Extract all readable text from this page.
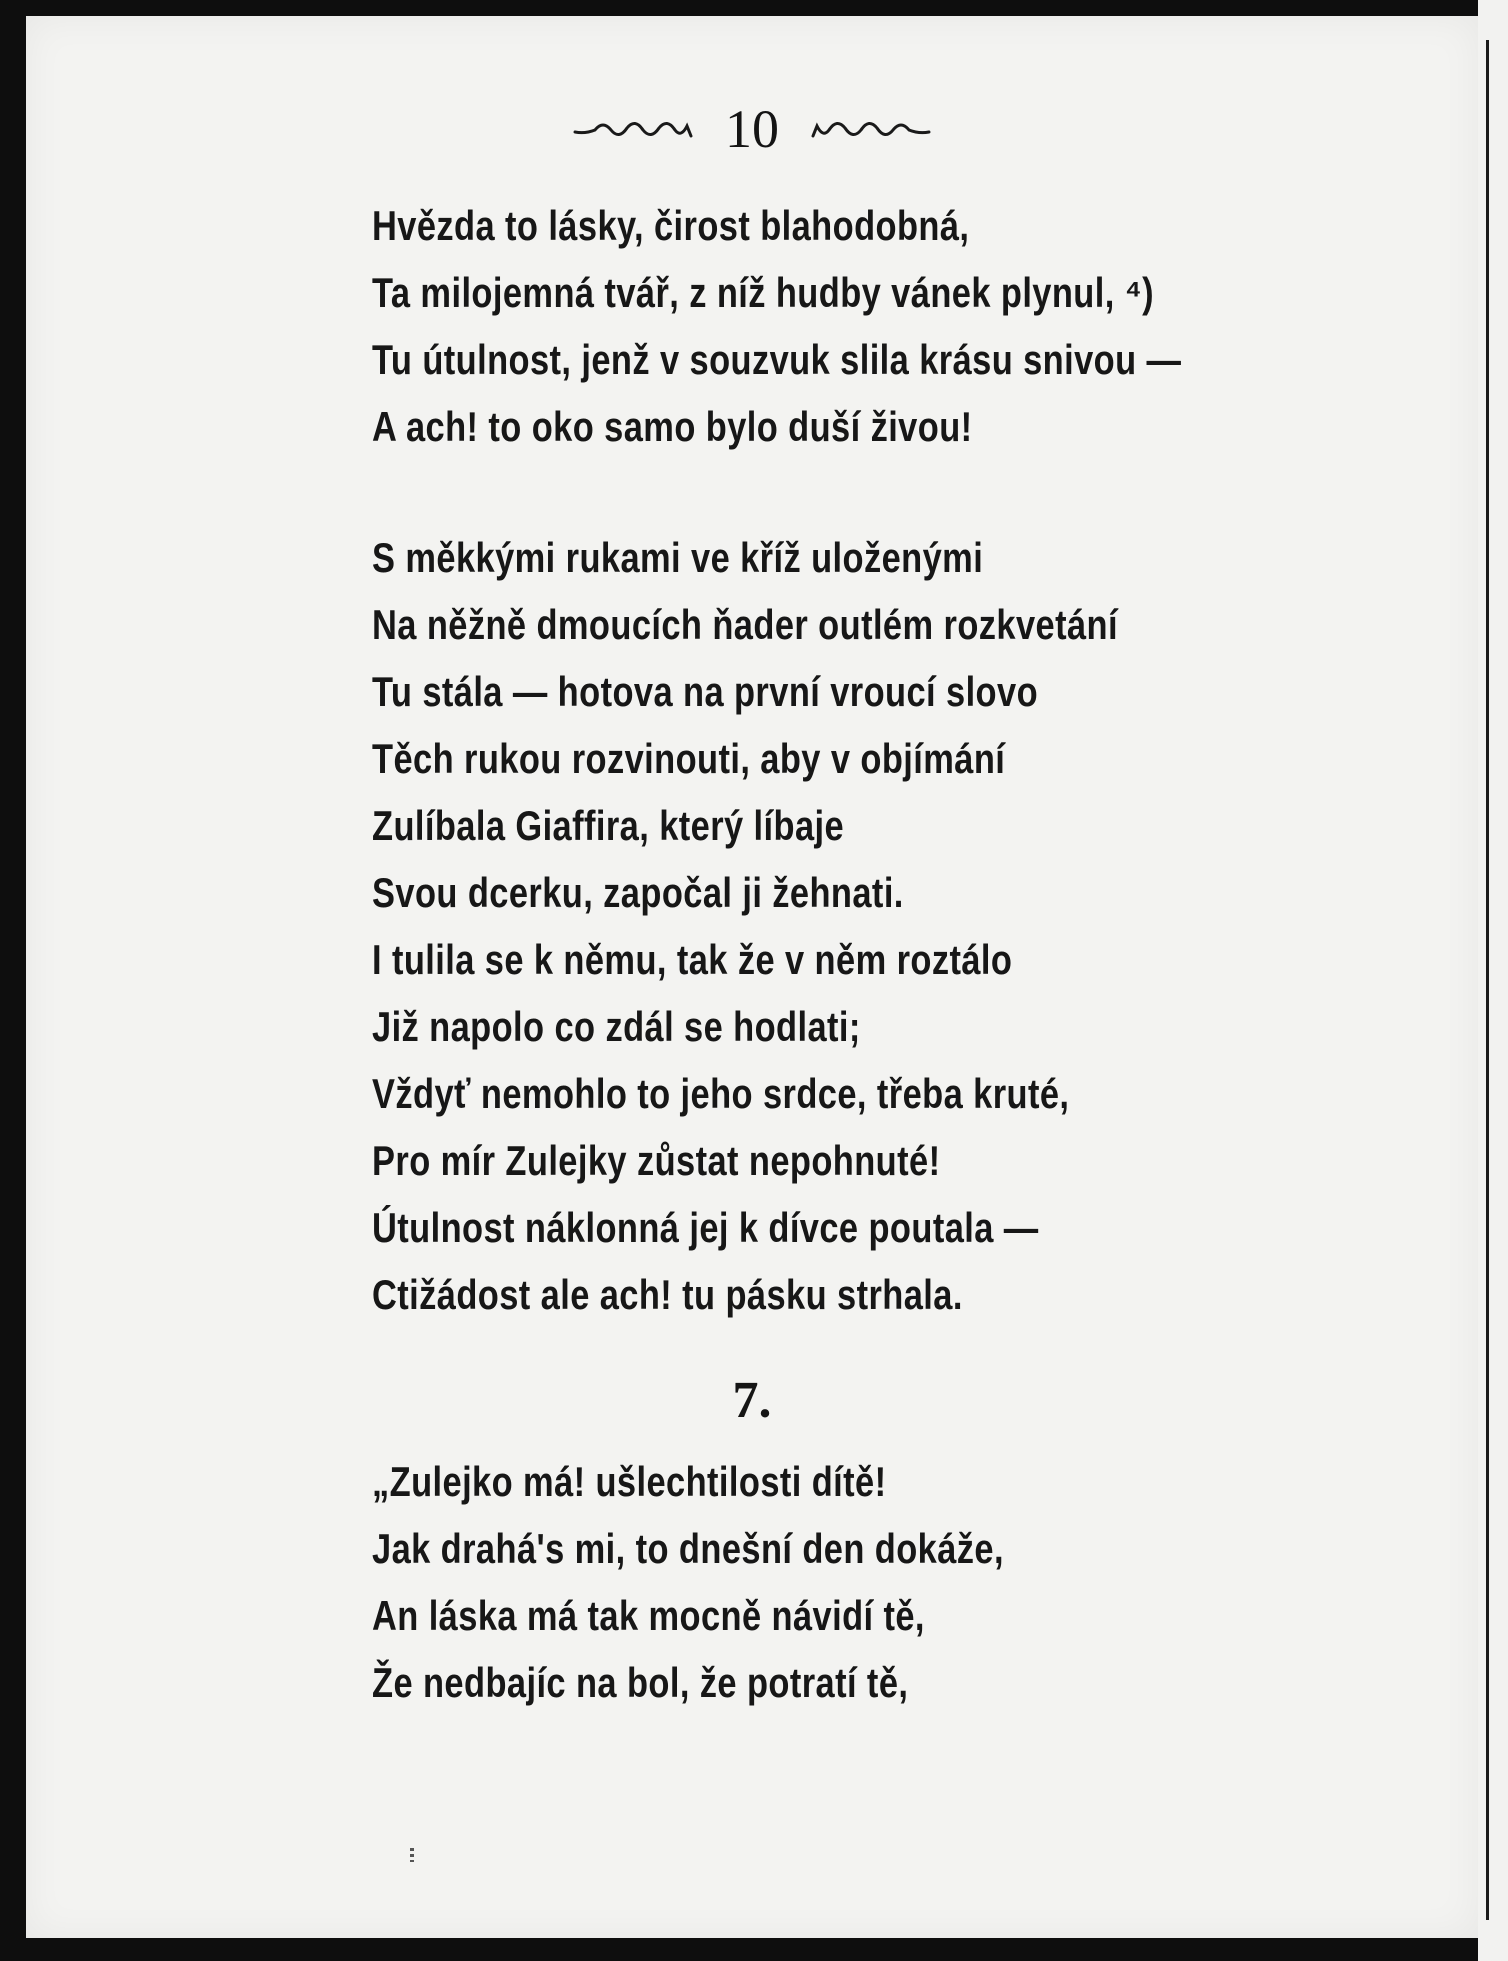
10
Hvězda to lásky, čirost blahodobná,
Ta milojemná tvář, z níž hudby vánek plynul, ⁴)
Tu útulnost, jenž v souzvuk slila krásu snivou —
A ach! to oko samo bylo duší živou!
S měkkými rukami ve kříž uloženými
Na něžně dmoucích ňader outlém rozkvetání
Tu stála — hotova na první vroucí slovo
Těch rukou rozvinouti, aby v objímání
Zulíbala Giaffira, který líbaje
Svou dcerku, započal ji žehnati.
I tulila se k němu, tak že v něm roztálo
Již napolo co zdál se hodlati;
Vždyť nemohlo to jeho srdce, třeba kruté,
Pro mír Zulejky zůstat nepohnuté!
Útulnost náklonná jej k dívce poutala —
Ctižádost ale ach! tu pásku strhala.
7.
„Zulejko má! ušlechtilosti dítě!
Jak drahá's mi, to dnešní den dokáže,
An láska má tak mocně návidí tě,
Že nedbajíc na bol, že potratí tě,
